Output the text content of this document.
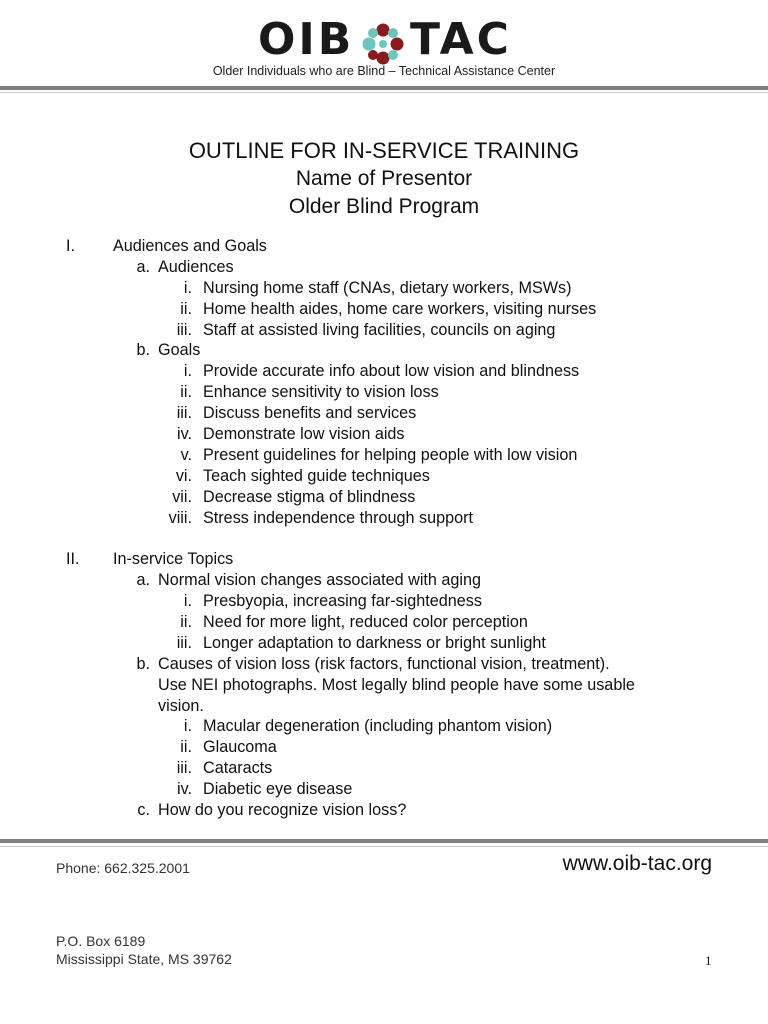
OIB TAC
Older Individuals who are Blind – Technical Assistance Center
OUTLINE FOR IN-SERVICE TRAINING
Name of Presentor
Older Blind Program
I.	Audiences and Goals
a. Audiences
i. Nursing home staff (CNAs, dietary workers, MSWs)
ii. Home health aides, home care workers, visiting nurses
iii. Staff at assisted living facilities, councils on aging
b. Goals
i. Provide accurate info about low vision and blindness
ii. Enhance sensitivity to vision loss
iii. Discuss benefits and services
iv. Demonstrate low vision aids
v. Present guidelines for helping people with low vision
vi. Teach sighted guide techniques
vii. Decrease stigma of blindness
viii. Stress independence through support
II.	In-service Topics
a. Normal vision changes associated with aging
i. Presbyopia, increasing far-sightedness
ii. Need for more light, reduced color perception
iii. Longer adaptation to darkness or bright sunlight
b. Causes of vision loss (risk factors, functional vision, treatment).
Use NEI photographs. Most legally blind people have some usable
vision.
i. Macular degeneration (including phantom vision)
ii. Glaucoma
iii. Cataracts
iv. Diabetic eye disease
c. How do you recognize vision loss?
Phone: 662.325.2001	www.oib-tac.org
P.O. Box 6189
Mississippi State, MS 39762	1
